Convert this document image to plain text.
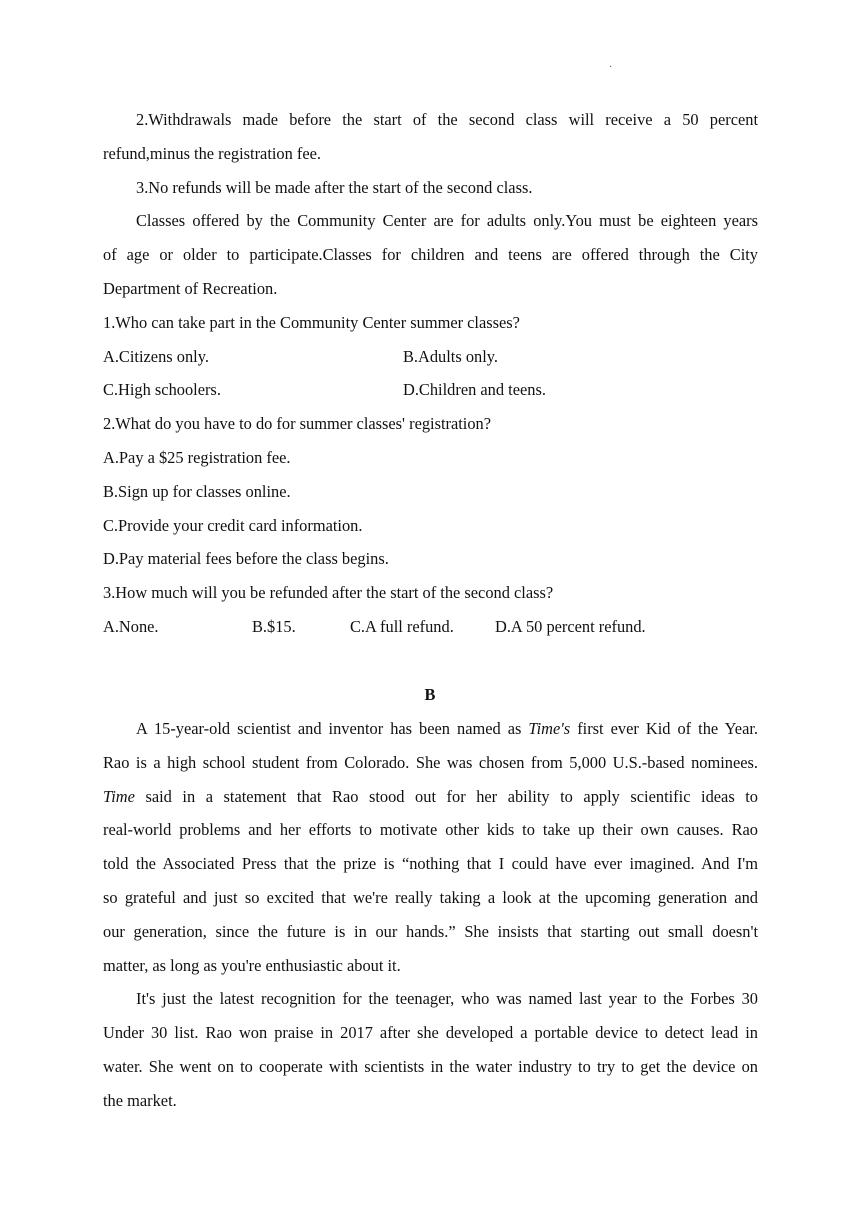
·
2.Withdrawals made before the start of the second class will receive a 50 percent
refund,minus the registration fee.
3.No refunds will be made after the start of the second class.
Classes offered by the Community Center are for adults only.You must be eighteen years
of age or older to participate.Classes for children and teens are offered through the City
Department of Recreation.
1.Who can take part in the Community Center summer classes?
A.Citizens only.	B.Adults only.
C.High schoolers.	D.Children and teens.
2.What do you have to do for summer classes' registration?
A.Pay a $25 registration fee.
B.Sign up for classes online.
C.Provide your credit card information.
D.Pay material fees before the class begins.
3.How much will you be refunded after the start of the second class?
A.None.	B.$15.	C.A full refund.	D.A 50 percent refund.
B
A 15-year-old scientist and inventor has been named as Time's first ever Kid of the Year.
Rao is a high school student from Colorado. She was chosen from 5,000 U.S.-based nominees.
Time said in a statement that Rao stood out for her ability to apply scientific ideas to
real-world problems and her efforts to motivate other kids to take up their own causes. Rao
told the Associated Press that the prize is “nothing that I could have ever imagined. And I'm
so grateful and just so excited that we're really taking a look at the upcoming generation and
our generation, since the future is in our hands.” She insists that starting out small doesn't
matter, as long as you're enthusiastic about it.
It's just the latest recognition for the teenager, who was named last year to the Forbes 30
Under 30 list. Rao won praise in 2017 after she developed a portable device to detect lead in
water. She went on to cooperate with scientists in the water industry to try to get the device on
the market.
